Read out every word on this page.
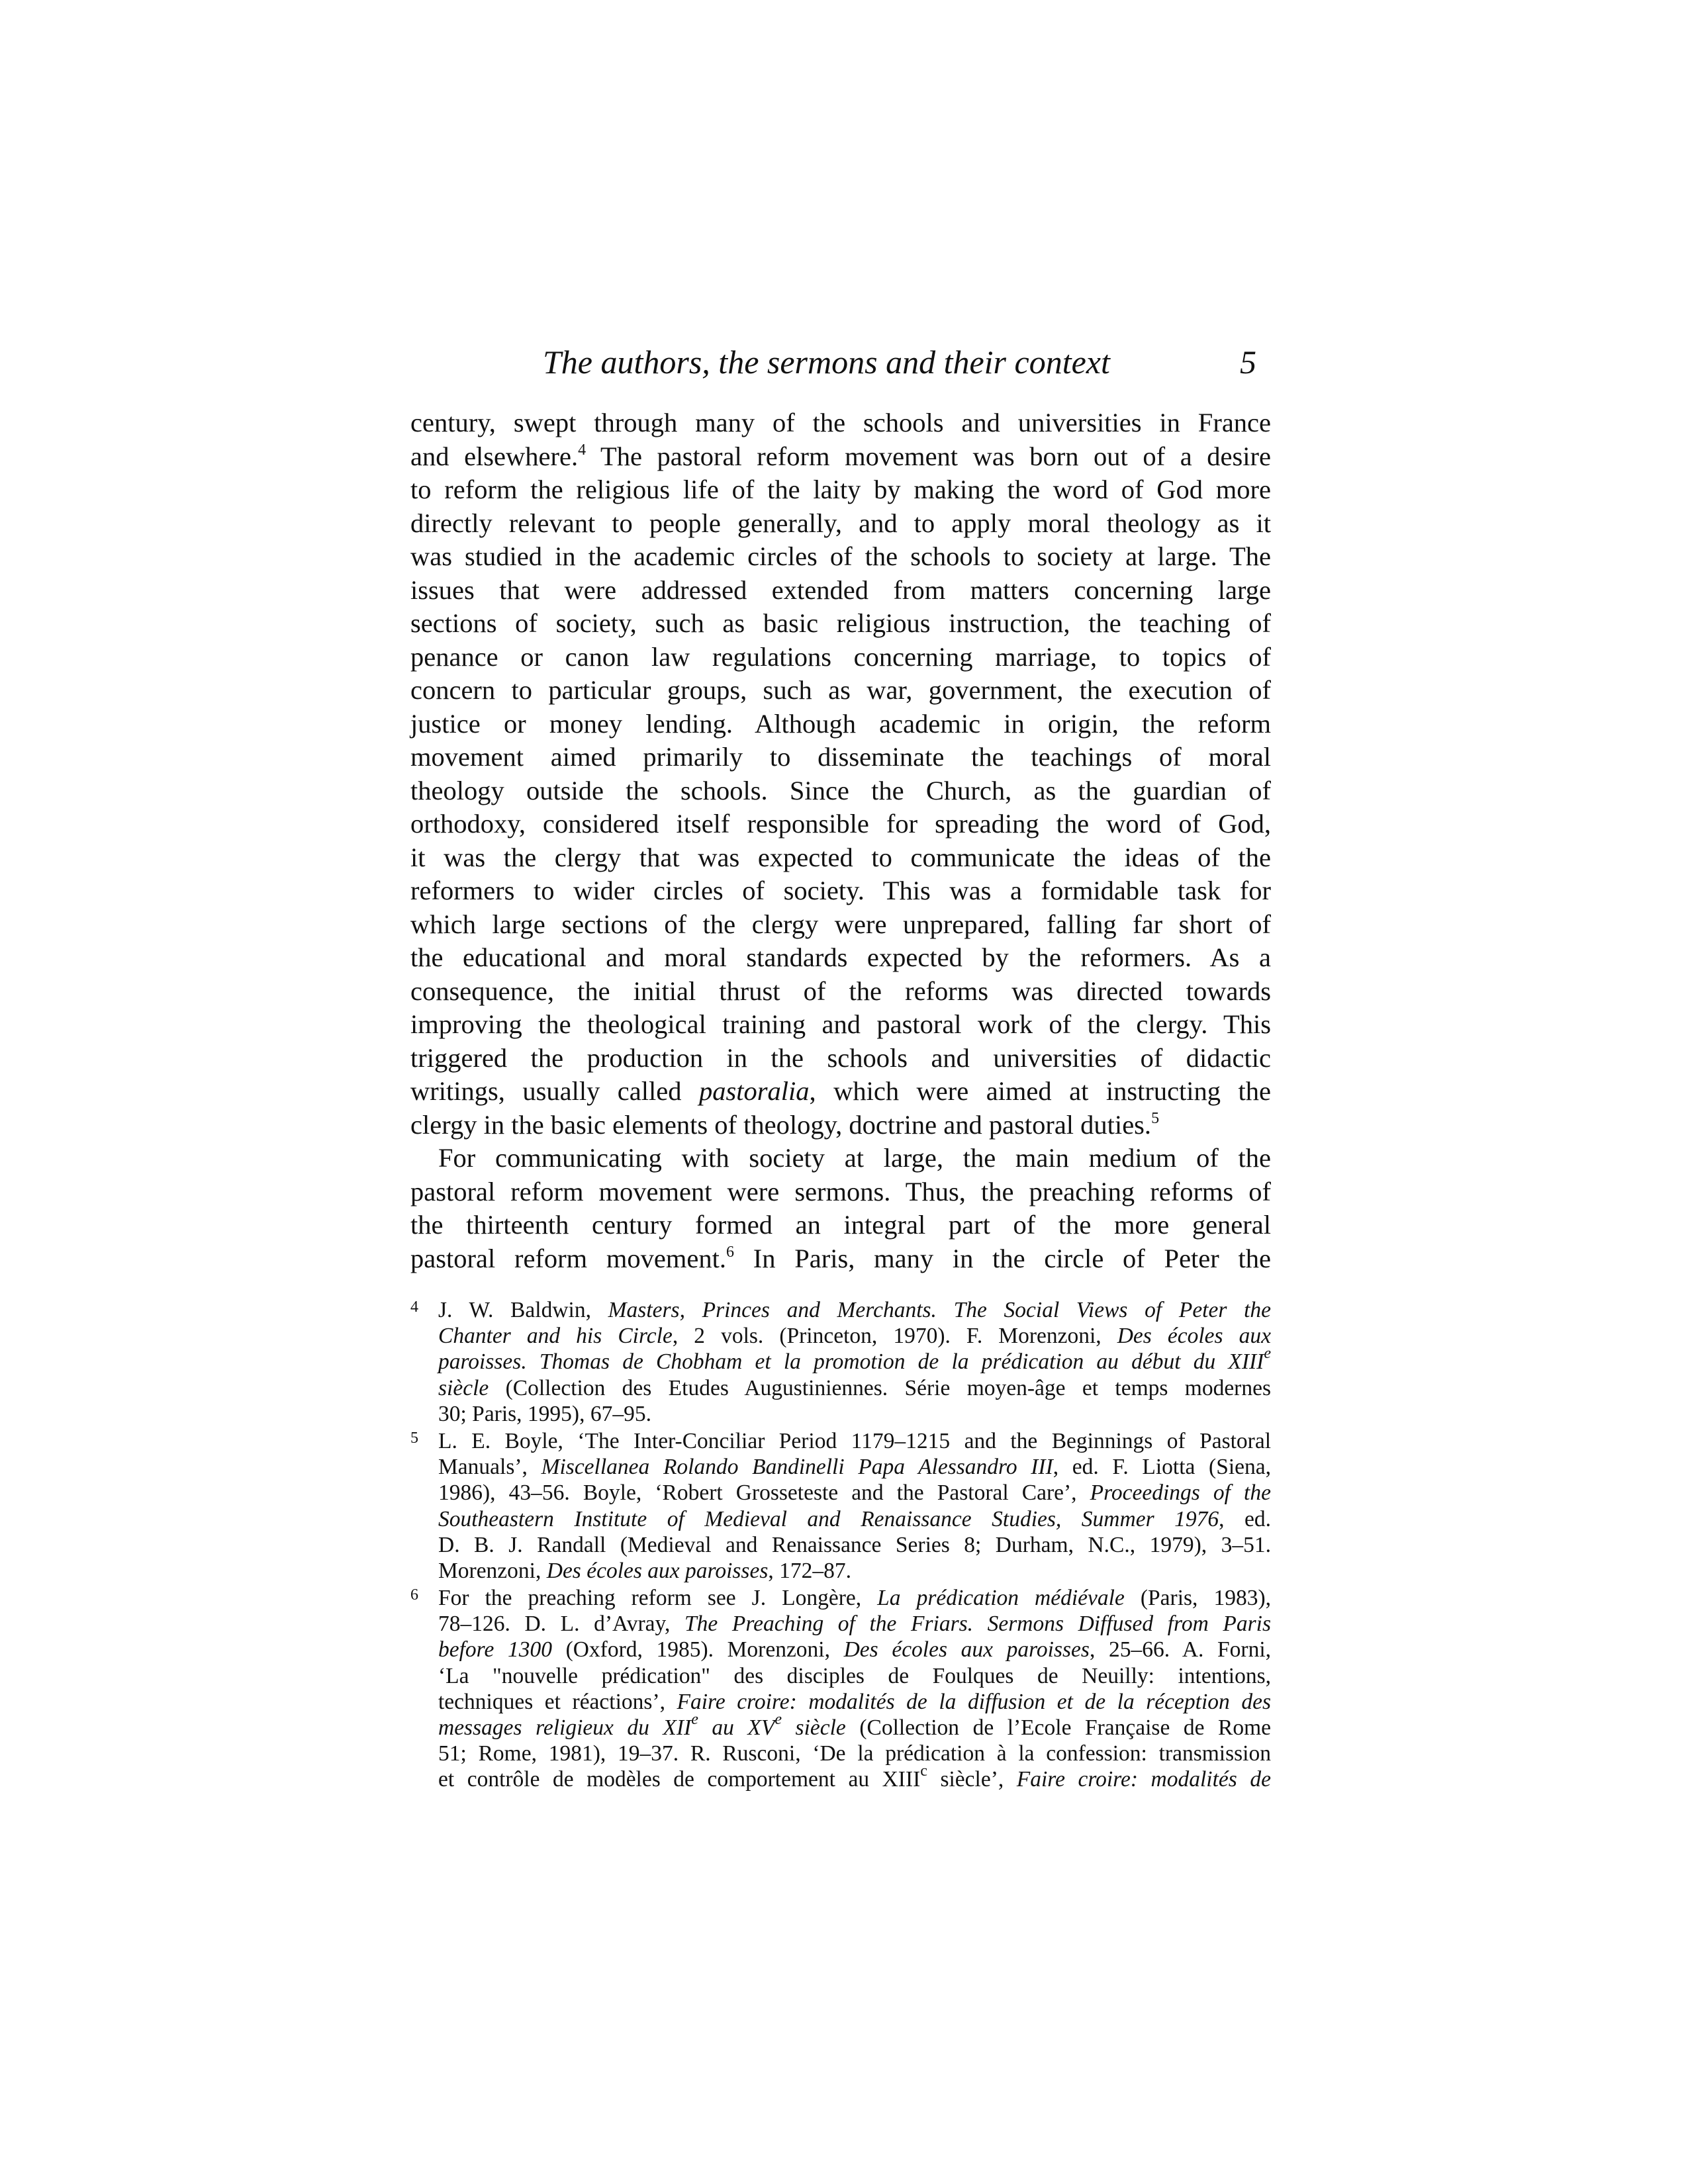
The authors, the sermons and their context	5
century, swept through many of the schools and universities in France
and elsewhere.$^4$ The pastoral reform movement was born out of a desire
to reform the religious life of the laity by making the word of God more
directly relevant to people generally, and to apply moral theology as it
was studied in the academic circles of the schools to society at large. The
issues that were addressed extended from matters concerning large
sections of society, such as basic religious instruction, the teaching of
penance or canon law regulations concerning marriage, to topics of
concern to particular groups, such as war, government, the execution of
justice or money lending. Although academic in origin, the reform
movement aimed primarily to disseminate the teachings of moral
theology outside the schools. Since the Church, as the guardian of
orthodoxy, considered itself responsible for spreading the word of God,
it was the clergy that was expected to communicate the ideas of the
reformers to wider circles of society. This was a formidable task for
which large sections of the clergy were unprepared, falling far short of
the educational and moral standards expected by the reformers. As a
consequence, the initial thrust of the reforms was directed towards
improving the theological training and pastoral work of the clergy. This
triggered the production in the schools and universities of didactic
writings, usually called pastoralia, which were aimed at instructing the
clergy in the basic elements of theology, doctrine and pastoral duties.$^5$
For communicating with society at large, the main medium of the
pastoral reform movement were sermons. Thus, the preaching reforms of
the thirteenth century formed an integral part of the more general
pastoral reform movement.$^6$ In Paris, many in the circle of Peter the
4 J. W. Baldwin, Masters, Princes and Merchants. The Social Views of Peter the
Chanter and his Circle, 2 vols. (Princeton, 1970). F. Morenzoni, Des écoles aux
paroisses. Thomas de Chobham et la promotion de la prédication au début du XIIIe
siècle (Collection des Etudes Augustiniennes. Série moyen-âge et temps modernes
30; Paris, 1995), 67–95.
5 L. E. Boyle, ‘The Inter-Conciliar Period 1179–1215 and the Beginnings of Pastoral
Manuals’, Miscellanea Rolando Bandinelli Papa Alessandro III, ed. F. Liotta (Siena,
1986), 43–56. Boyle, ‘Robert Grosseteste and the Pastoral Care’, Proceedings of the
Southeastern Institute of Medieval and Renaissance Studies, Summer 1976, ed.
D. B. J. Randall (Medieval and Renaissance Series 8; Durham, N.C., 1979), 3–51.
Morenzoni, Des écoles aux paroisses, 172–87.
6 For the preaching reform see J. Longère, La prédication médiévale (Paris, 1983),
78–126. D. L. d’Avray, The Preaching of the Friars. Sermons Diffused from Paris
before 1300 (Oxford, 1985). Morenzoni, Des écoles aux paroisses, 25–66. A. Forni,
‘La "nouvelle prédication" des disciples de Foulques de Neuilly: intentions,
techniques et réactions’, Faire croire: modalités de la diffusion et de la réception des
messages religieux du XIIe au XVe siècle (Collection de l’Ecole Française de Rome
51; Rome, 1981), 19–37. R. Rusconi, ‘De la prédication à la confession: transmission
et contrôle de modèles de comportement au XIII$^c$ siècle’, Faire croire: modalités de
